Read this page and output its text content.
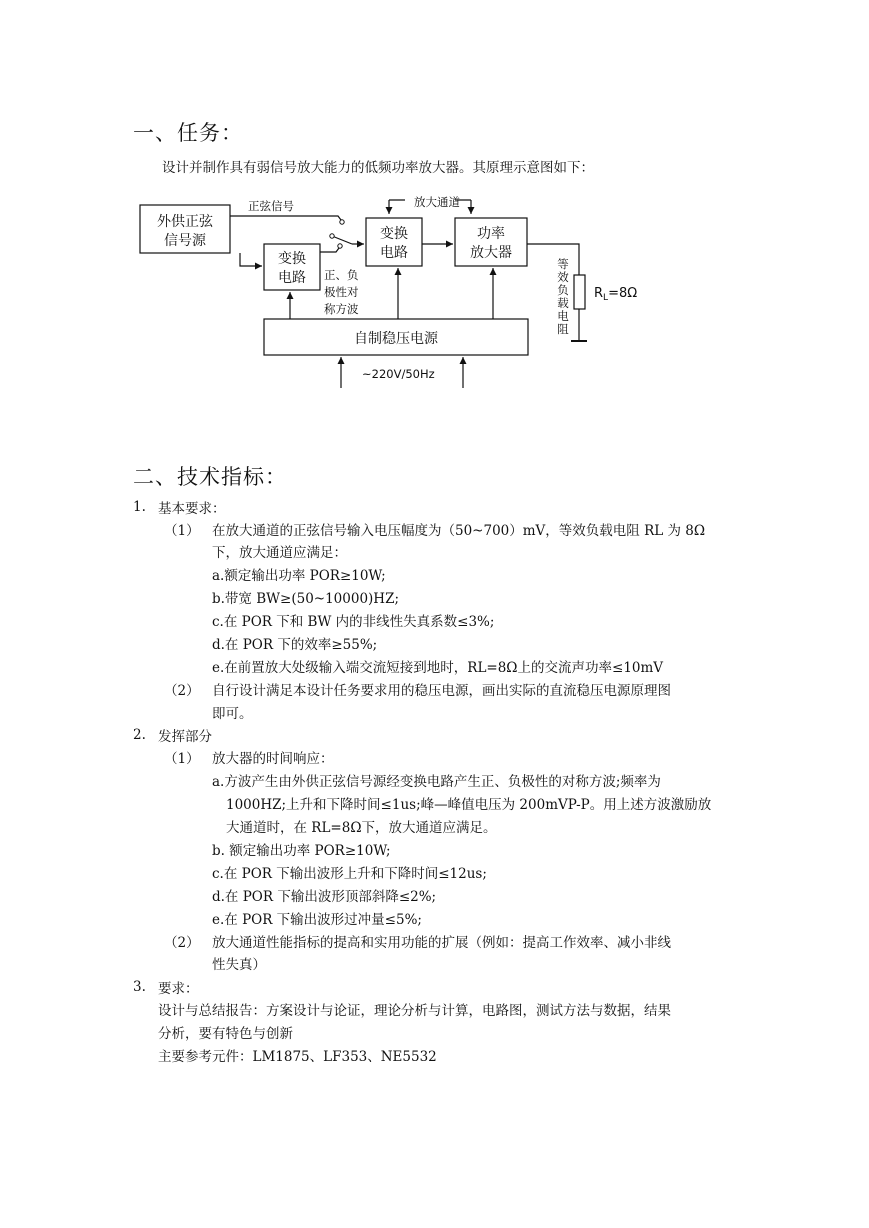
一、任务：
设计并制作具有弱信号放大能力的低频功率放大器。其原理示意图如下：
外供正弦
信号源
变换
电路
变换
电路
功率
放大器
自制稳压电源
正弦信号	放大通道
正、负
极性对
称方波
~220V/50Hz
等
效
负
载
电
阻
$R_L=8\Omega$
二、技术指标：
1. 基本要求：
（1） 在放大通道的正弦信号输入电压幅度为（50~700）mV，等效负载电阻 RL 为 8Ω
下，放大通道应满足：
a.额定输出功率 POR≥10W;
b.带宽 BW≥(50~10000)HZ;
c.在 POR 下和 BW 内的非线性失真系数≤3%;
d.在 POR 下的效率≥55%;
e.在前置放大处级输入端交流短接到地时，RL=8Ω上的交流声功率≤10mV
（2） 自行设计满足本设计任务要求用的稳压电源，画出实际的直流稳压电源原理图
即可。
2. 发挥部分
（1） 放大器的时间响应：
a.方波产生由外供正弦信号源经变换电路产生正、负极性的对称方波;频率为
1000HZ;上升和下降时间≤1us;峰—峰值电压为 200mVP-P。用上述方波激励放
大通道时，在 RL=8Ω下，放大通道应满足。
b. 额定输出功率 POR≥10W;
c.在 POR 下输出波形上升和下降时间≤12us;
d.在 POR 下输出波形顶部斜降≤2%;
e.在 POR 下输出波形过冲量≤5%;
（2） 放大通道性能指标的提高和实用功能的扩展（例如：提高工作效率、减小非线
性失真）
3. 要求：
设计与总结报告：方案设计与论证，理论分析与计算，电路图，测试方法与数据，结果
分析，要有特色与创新
主要参考元件：LM1875、LF353、NE5532
